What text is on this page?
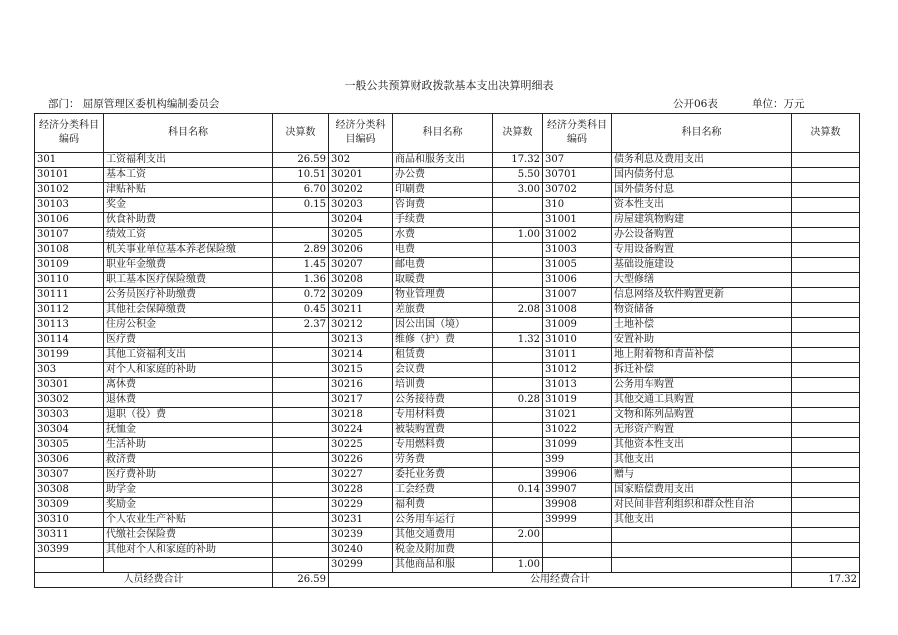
一般公共预算财政拨款基本支出决算明细表
部门： 屈原管理区委机构编制委员会	公开06表	单位：万元
经济分类科目编码	科目名称	决算数	经济分类科目编码	科目名称	决算数	经济分类科目编码	科目名称	决算数
301	工资福利支出	26.59	302	商品和服务支出	17.32	307	债务利息及费用支出	
30101	基本工资	10.51	30201	办公费	5.50	30701	国内债务付息	
30102	津贴补贴	6.70	30202	印刷费	3.00	30702	国外债务付息	
30103	奖金	0.15	30203	咨询费		310	资本性支出	
30106	伙食补助费		30204	手续费		31001	房屋建筑物购建	
30107	绩效工资		30205	水费	1.00	31002	办公设备购置	
30108	机关事业单位基本养老保险缴	2.89	30206	电费		31003	专用设备购置	
30109	职业年金缴费	1.45	30207	邮电费		31005	基础设施建设	
30110	职工基本医疗保险缴费	1.36	30208	取暖费		31006	大型修缮	
30111	公务员医疗补助缴费	0.72	30209	物业管理费		31007	信息网络及软件购置更新	
30112	其他社会保障缴费	0.45	30211	差旅费	2.08	31008	物资储备	
30113	住房公积金	2.37	30212	因公出国（境）		31009	土地补偿	
30114	医疗费		30213	维修（护）费	1.32	31010	安置补助	
30199	其他工资福利支出		30214	租赁费		31011	地上附着物和青苗补偿	
303	对个人和家庭的补助		30215	会议费		31012	拆迁补偿	
30301	离休费		30216	培训费		31013	公务用车购置	
30302	退休费		30217	公务接待费	0.28	31019	其他交通工具购置	
30303	退职（役）费		30218	专用材料费		31021	文物和陈列品购置	
30304	抚恤金		30224	被装购置费		31022	无形资产购置	
30305	生活补助		30225	专用燃料费		31099	其他资本性支出	
30306	救济费		30226	劳务费		399	其他支出	
30307	医疗费补助		30227	委托业务费		39906	赠与	
30308	助学金		30228	工会经费	0.14	39907	国家赔偿费用支出	
30309	奖励金		30229	福利费		39908	对民间非营利组织和群众性自治	
30310	个人农业生产补贴		30231	公务用车运行		39999	其他支出	
30311	代缴社会保险费		30239	其他交通费用	2.00			
30399	其他对个人和家庭的补助		30240	税金及附加费				
			30299	其他商品和服	1.00			
人员经费合计		26.59	公用经费合计					17.32
